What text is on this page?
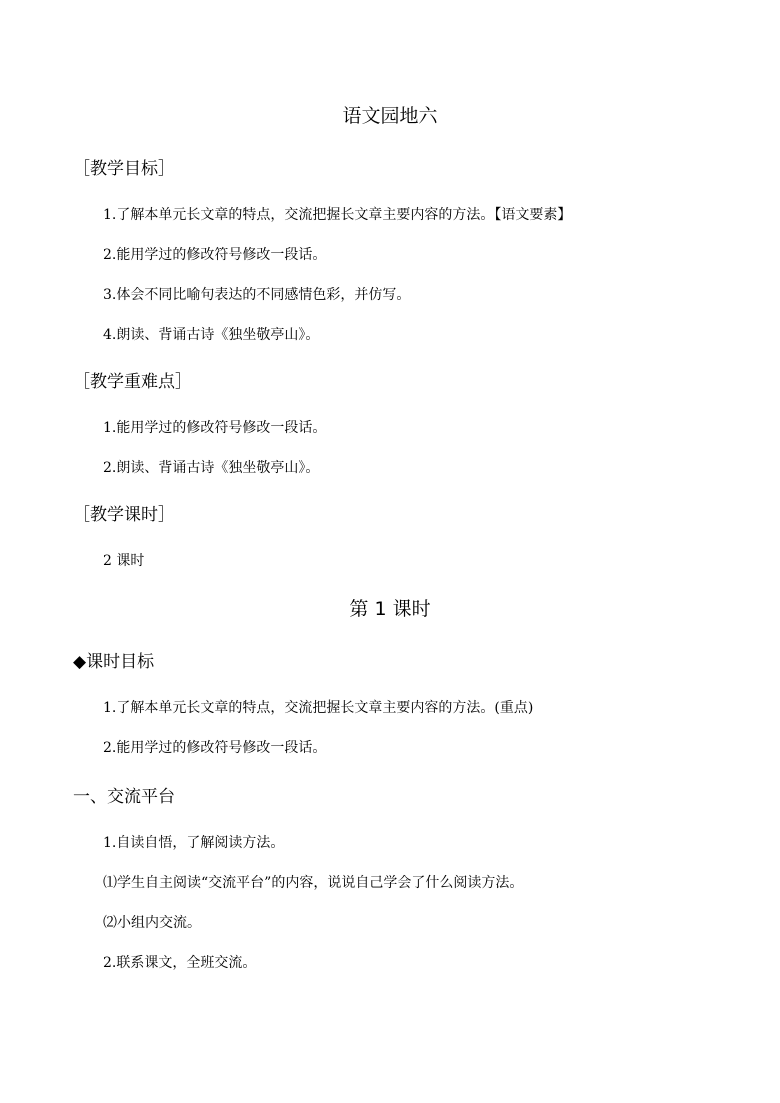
语文园地六
［教学目标］
1.了解本单元长文章的特点，交流把握长文章主要内容的方法。【语文要素】
2.能用学过的修改符号修改一段话。
3.体会不同比喻句表达的不同感情色彩，并仿写。
4.朗读、背诵古诗《独坐敬亭山》。
［教学重难点］
1.能用学过的修改符号修改一段话。
2.朗读、背诵古诗《独坐敬亭山》。
［教学课时］
2 课时
第 1 课时
◆课时目标
1.了解本单元长文章的特点，交流把握长文章主要内容的方法。(重点)
2.能用学过的修改符号修改一段话。
一、交流平台
1.自读自悟，了解阅读方法。
⑴学生自主阅读“交流平台”的内容，说说自己学会了什么阅读方法。
⑵小组内交流。
2.联系课文，全班交流。
